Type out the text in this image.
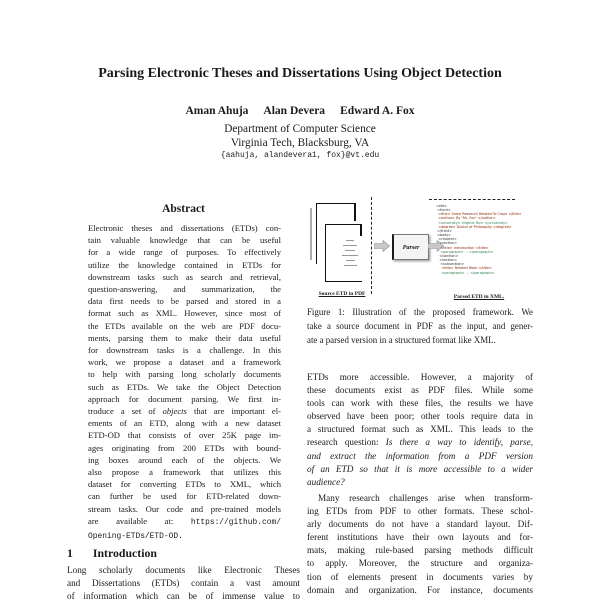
Parsing Electronic Theses and Dissertations Using Object Detection
Aman Ahuja Alan Devera Edward A. Fox
Department of Computer Science
Virginia Tech, Blacksburg, VA
{aahuja, alandevera1, fox}@vt.edu
Abstract
Electronic theses and dissertations (ETDs) con-
tain valuable knowledge that can be useful
for a wide range of purposes. To effectively
utilize the knowledge contained in ETDs for
downstream tasks such as search and retrieval,
question-answering, and summarization, the
data first needs to be parsed and stored in a
format such as XML. However, since most of
the ETDs available on the web are PDF docu-
ments, parsing them to make their data useful
for downstream tasks is a challenge. In this
work, we propose a dataset and a framework
to help with parsing long scholarly documents
such as ETDs. We take the Object Detection
approach for document parsing. We first in-
troduce a set of objects that are important el-
ements of an ETD, along with a new dataset
ETD-OD that consists of over 25K page im-
ages originating from 200 ETDs with bound-
ing boxes around each of the objects. We
also propose a framework that utilizes this
dataset for converting ETDs to XML, which
can further be used for ETD-related down-
stream tasks. Our code and pre-trained models
are available at: https://github.com/
Opening-ETDs/ETD-OD.
1 Introduction
Long scholarly documents like Electronic Theses
and Dissertations (ETDs) contain a vast amount
of information which can be of immense value to
Parser
<etd>
<front>
<title> Some Research Related To Crops </title>
<author> By "Mr. Fox" </author>
<university> Virginia Tech </university>
<degree> Doctor of Philosophy </degree>
</front>
<body>
<chapter>
<section>
<title> Introduction </title>
<paragraph> ... </paragraph>
</section>
<section>
<subsection>
<title> Related Work </title>
<paragraph> ... </paragraph>
Source ETD in PDF	Parsed ETD in XML.
Figure 1: Illustration of the proposed framework. We
take a source document in PDF as the input, and gener-
ate a parsed version in a structured format like XML.
ETDs more accessible. However, a majority of
these documents exist as PDF files. While some
tools can work with these files, the results we have
observed have been poor; other tools require data in
a structured format such as XML. This leads to the
research question: Is there a way to identify, parse,
and extract the information from a PDF version
of an ETD so that it is more accessible to a wider
audience?
Many research challenges arise when transform-
ing ETDs from PDF to other formats. These schol-
arly documents do not have a standard layout. Dif-
ferent institutions have their own layouts and for-
mats, making rule-based parsing methods difficult
to apply. Moreover, the structure and organiza-
tion of elements present in documents varies by
domain and organization. For instance, documents
